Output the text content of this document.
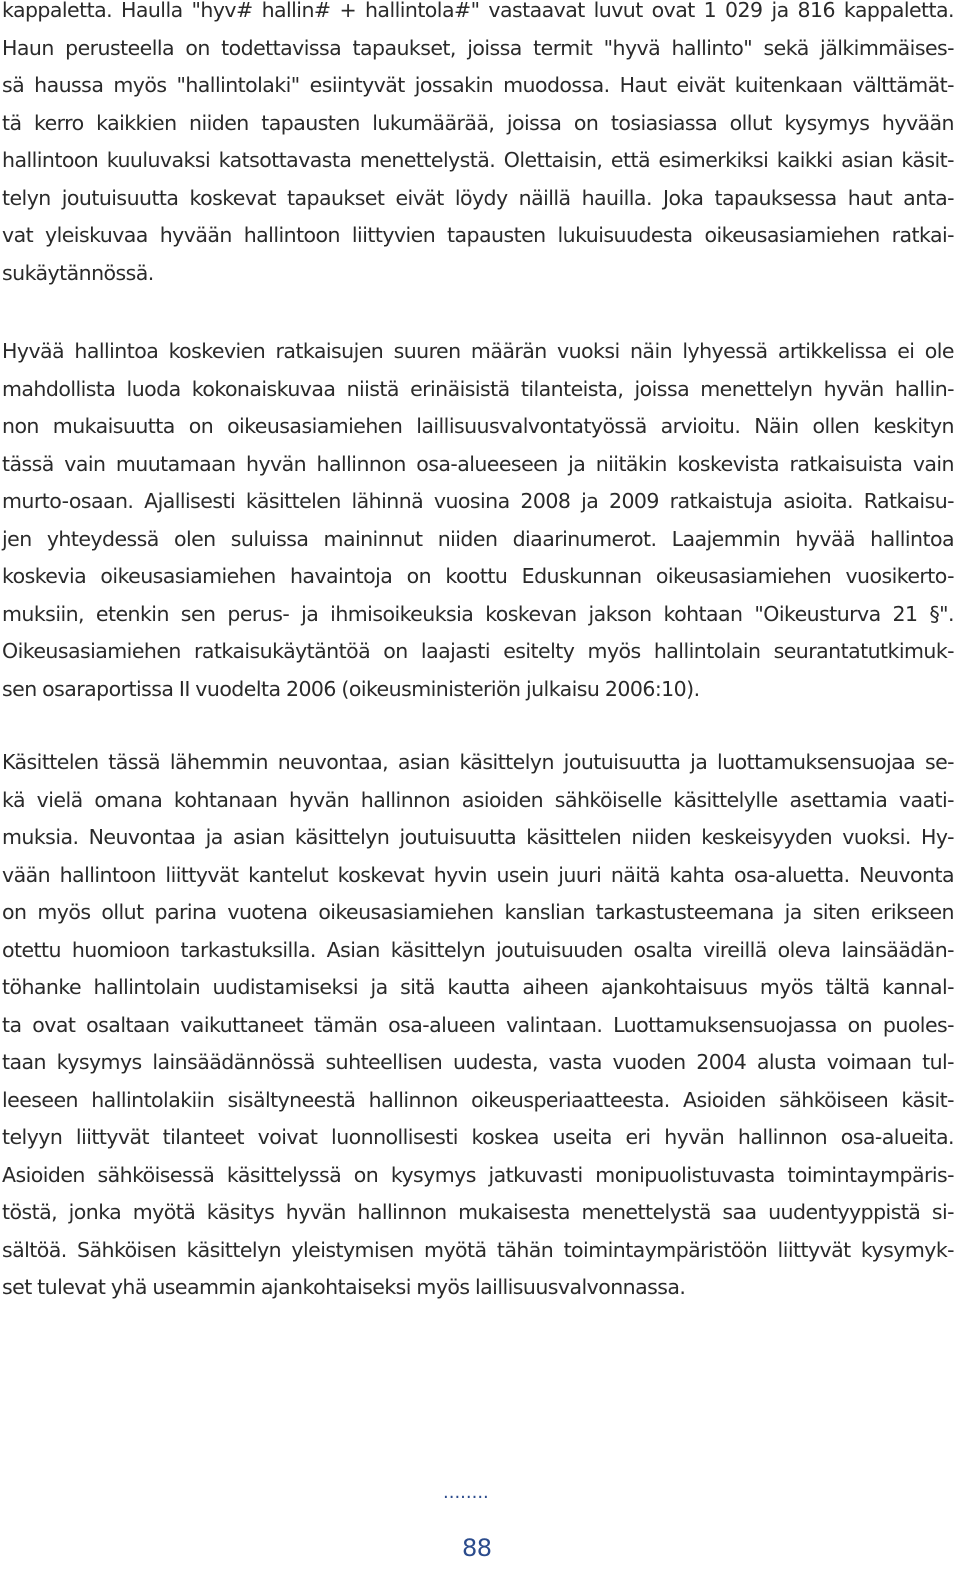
kappaletta. Haulla "hyv# hallin# + hallintola#" vastaavat luvut ovat 1 029 ja 816 kappaletta.
Haun perusteella on todettavissa tapaukset, joissa termit "hyvä hallinto" sekä jälkimmäises-
sä haussa myös "hallintolaki" esiintyvät jossakin muodossa. Haut eivät kuitenkaan välttämät-
tä kerro kaikkien niiden tapausten lukumäärää, joissa on tosiasiassa ollut kysymys hyvään
hallintoon kuuluvaksi katsottavasta menettelystä. Olettaisin, että esimerkiksi kaikki asian käsit-
telyn joutuisuutta koskevat tapaukset eivät löydy näillä hauilla. Joka tapauksessa haut anta-
vat yleiskuvaa hyvään hallintoon liittyvien tapausten lukuisuudesta oikeusasiamiehen ratkai-
sukäytännössä.
Hyvää hallintoa koskevien ratkaisujen suuren määrän vuoksi näin lyhyessä artikkelissa ei ole
mahdollista luoda kokonaiskuvaa niistä erinäisistä tilanteista, joissa menettelyn hyvän hallin-
non mukaisuutta on oikeusasiamiehen laillisuusvalvontatyössä arvioitu. Näin ollen keskityn
tässä vain muutamaan hyvän hallinnon osa-alueeseen ja niitäkin koskevista ratkaisuista vain
murto-osaan. Ajallisesti käsittelen lähinnä vuosina 2008 ja 2009 ratkaistuja asioita. Ratkaisu-
jen yhteydessä olen suluissa maininnut niiden diaarinumerot. Laajemmin hyvää hallintoa
koskevia oikeusasiamiehen havaintoja on koottu Eduskunnan oikeusasiamiehen vuosikerto-
muksiin, etenkin sen perus- ja ihmisoikeuksia koskevan jakson kohtaan "Oikeusturva 21 §".
Oikeusasiamiehen ratkaisukäytäntöä on laajasti esitelty myös hallintolain seurantatutkimuk-
sen osaraportissa II vuodelta 2006 (oikeusministeriön julkaisu 2006:10).
Käsittelen tässä lähemmin neuvontaa, asian käsittelyn joutuisuutta ja luottamuksensuojaa se-
kä vielä omana kohtanaan hyvän hallinnon asioiden sähköiselle käsittelylle asettamia vaati-
muksia. Neuvontaa ja asian käsittelyn joutuisuutta käsittelen niiden keskeisyyden vuoksi. Hy-
vään hallintoon liittyvät kantelut koskevat hyvin usein juuri näitä kahta osa-aluetta. Neuvonta
on myös ollut parina vuotena oikeusasiamiehen kanslian tarkastusteemana ja siten erikseen
otettu huomioon tarkastuksilla. Asian käsittelyn joutuisuuden osalta vireillä oleva lainsäädän-
töhanke hallintolain uudistamiseksi ja sitä kautta aiheen ajankohtaisuus myös tältä kannal-
ta ovat osaltaan vaikuttaneet tämän osa-alueen valintaan. Luottamuksensuojassa on puoles-
taan kysymys lainsäädännössä suhteellisen uudesta, vasta vuoden 2004 alusta voimaan tul-
leeseen hallintolakiin sisältyneestä hallinnon oikeusperiaatteesta. Asioiden sähköiseen käsit-
telyyn liittyvät tilanteet voivat luonnollisesti koskea useita eri hyvän hallinnon osa-alueita.
Asioiden sähköisessä käsittelyssä on kysymys jatkuvasti monipuolistuvasta toimintaympäris-
töstä, jonka myötä käsitys hyvän hallinnon mukaisesta menettelystä saa uudentyyppistä si-
sältöä. Sähköisen käsittelyn yleistymisen myötä tähän toimintaympäristöön liittyvät kysymyk-
set tulevat yhä useammin ajankohtaiseksi myös laillisuusvalvonnassa.
........
88
